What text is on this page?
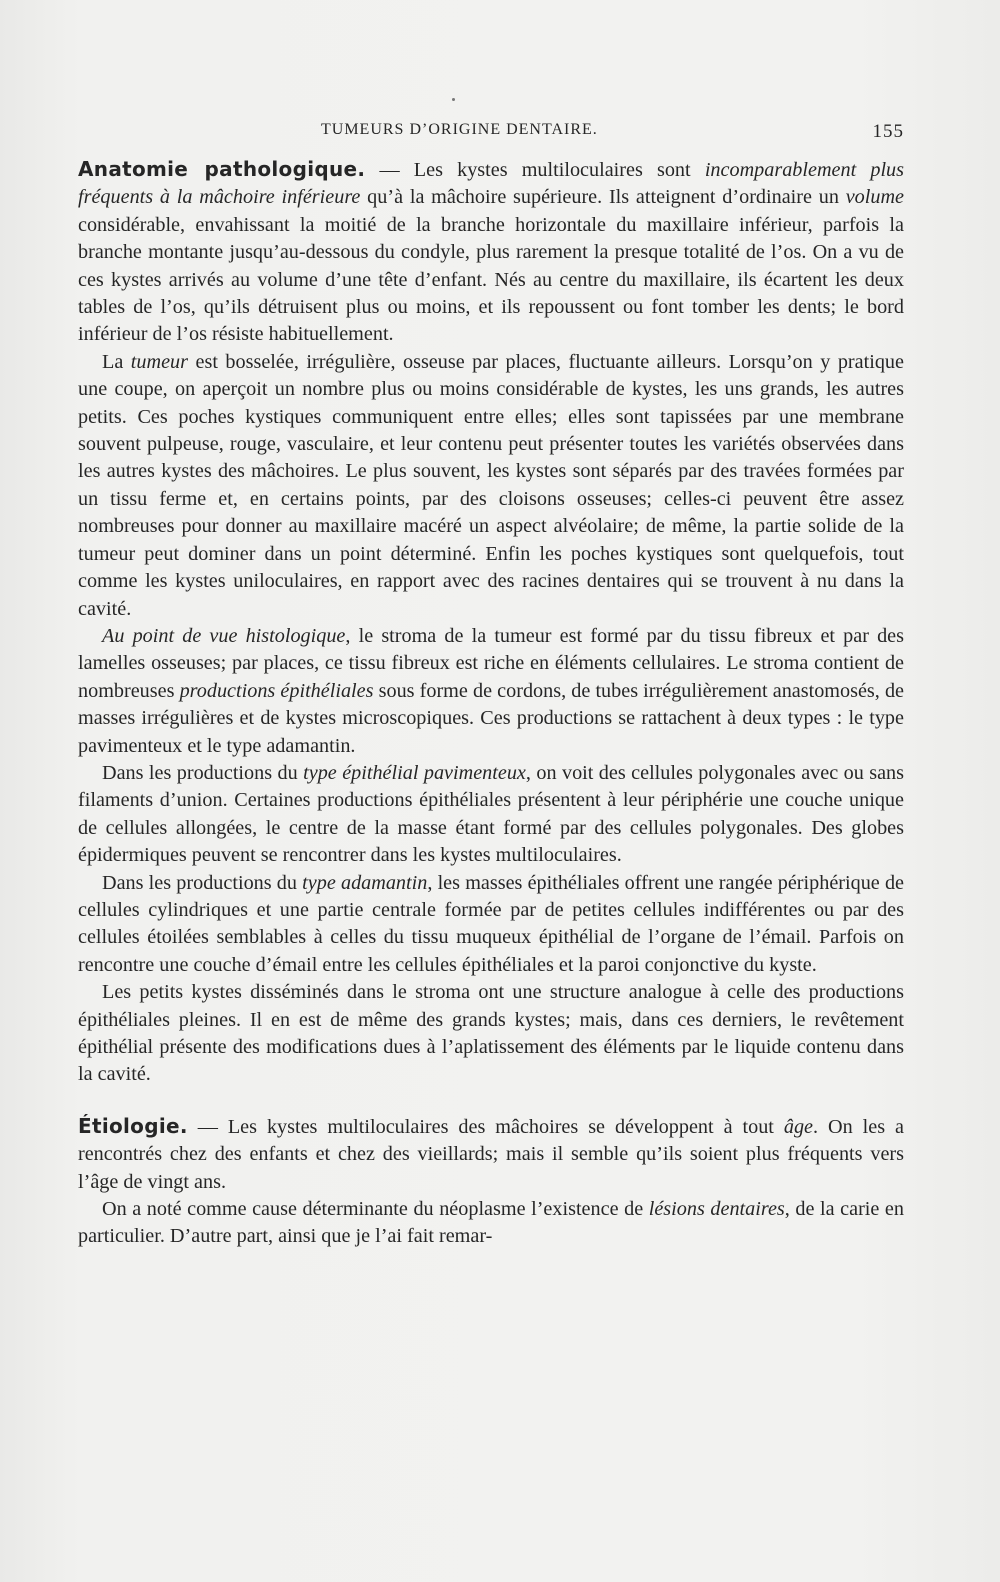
TUMEURS D’ORIGINE DENTAIRE.	155

Anatomie pathologique. — Les kystes multiloculaires sont incomparablement plus fréquents à la mâchoire inférieure qu’à la mâchoire supérieure. Ils atteignent d’ordinaire un volume considérable, envahissant la moitié de la branche horizontale du maxillaire inférieur, parfois la branche montante jusqu’au-dessous du condyle, plus rarement la presque totalité de l’os. On a vu de ces kystes arrivés au volume d’une tête d’enfant. Nés au centre du maxillaire, ils écartent les deux tables de l’os, qu’ils détruisent plus ou moins, et ils repoussent ou font tomber les dents; le bord inférieur de l’os résiste habituellement.

La tumeur est bosselée, irrégulière, osseuse par places, fluctuante ailleurs. Lorsqu’on y pratique une coupe, on aperçoit un nombre plus ou moins considérable de kystes, les uns grands, les autres petits. Ces poches kystiques communiquent entre elles; elles sont tapissées par une membrane souvent pulpeuse, rouge, vasculaire, et leur contenu peut présenter toutes les variétés observées dans les autres kystes des mâchoires. Le plus souvent, les kystes sont séparés par des travées formées par un tissu ferme et, en certains points, par des cloisons osseuses; celles-ci peuvent être assez nombreuses pour donner au maxillaire macéré un aspect alvéolaire; de même, la partie solide de la tumeur peut dominer dans un point déterminé. Enfin les poches kystiques sont quelquefois, tout comme les kystes uniloculaires, en rapport avec des racines dentaires qui se trouvent à nu dans la cavité.

Au point de vue histologique, le stroma de la tumeur est formé par du tissu fibreux et par des lamelles osseuses; par places, ce tissu fibreux est riche en éléments cellulaires. Le stroma contient de nombreuses productions épithéliales sous forme de cordons, de tubes irrégulièrement anastomosés, de masses irrégulières et de kystes microscopiques. Ces productions se rattachent à deux types : le type pavimenteux et le type adamantin.

Dans les productions du type épithélial pavimenteux, on voit des cellules polygonales avec ou sans filaments d’union. Certaines productions épithéliales présentent à leur périphérie une couche unique de cellules allongées, le centre de la masse étant formé par des cellules polygonales. Des globes épidermiques peuvent se rencontrer dans les kystes multiloculaires.

Dans les productions du type adamantin, les masses épithéliales offrent une rangée périphérique de cellules cylindriques et une partie centrale formée par de petites cellules indifférentes ou par des cellules étoilées semblables à celles du tissu muqueux épithélial de l’organe de l’émail. Parfois on rencontre une couche d’émail entre les cellules épithéliales et la paroi conjonctive du kyste.

Les petits kystes disséminés dans le stroma ont une structure analogue à celle des productions épithéliales pleines. Il en est de même des grands kystes; mais, dans ces derniers, le revêtement épithélial présente des modifications dues à l’aplatissement des éléments par le liquide contenu dans la cavité.

Étiologie. — Les kystes multiloculaires des mâchoires se développent à tout âge. On les a rencontrés chez des enfants et chez des vieillards; mais il semble qu’ils soient plus fréquents vers l’âge de vingt ans.

On a noté comme cause déterminante du néoplasme l’existence de lésions dentaires, de la carie en particulier. D’autre part, ainsi que je l’ai fait remar-
